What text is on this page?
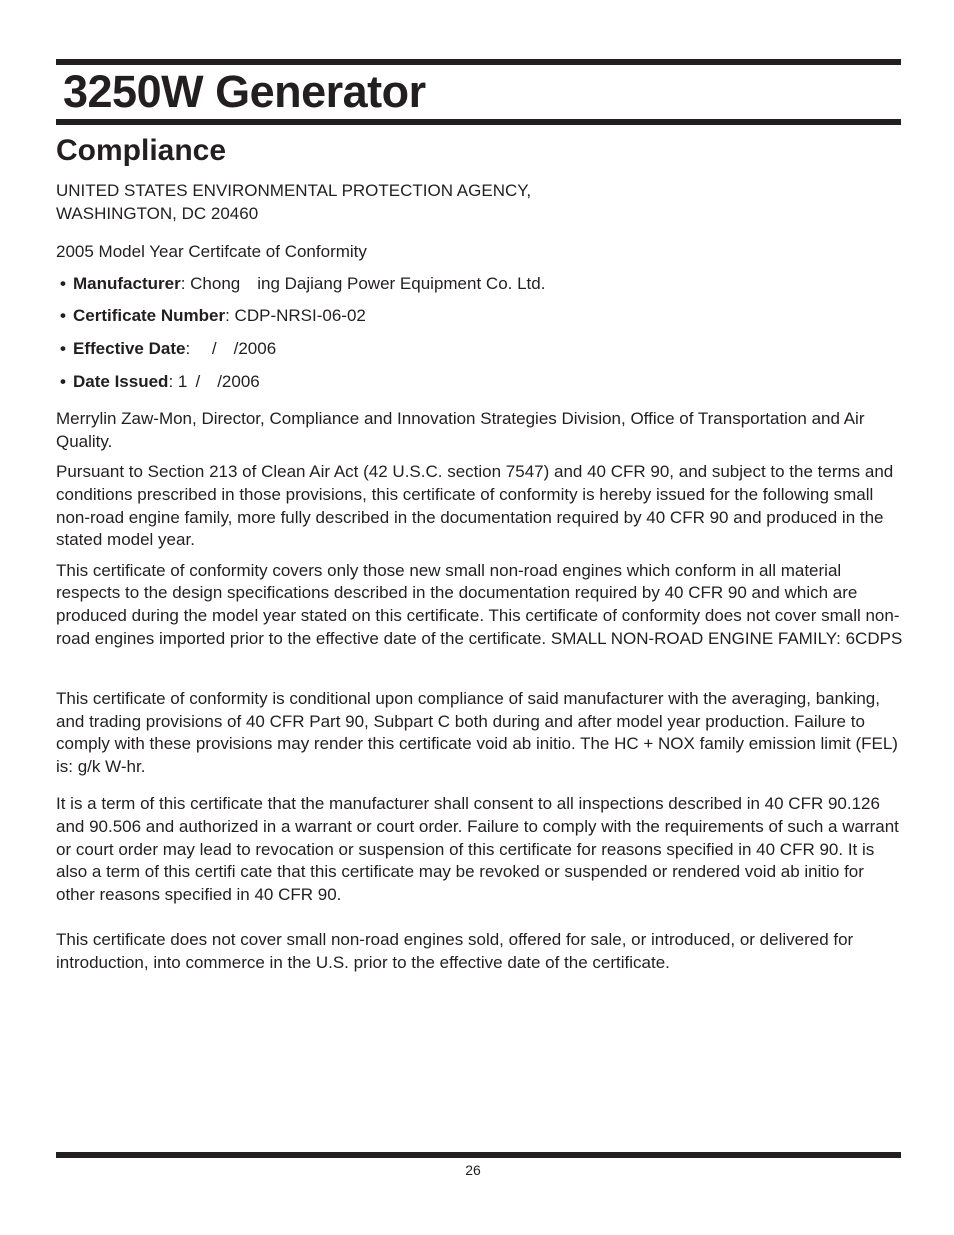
3250W Generator
Compliance

UNITED STATES ENVIRONMENTAL PROTECTION AGENCY,
WASHINGTON, DC 20460

2005 Model Year Certifcate of Conformity

• Manufacturer: Chong ing Dajiang Power Equipment Co. Ltd.
• Certificate Number: CDP-NRSI-06-02
• Effective Date:  / /2006
• Date Issued: 1  / /2006

Merrylin Zaw-Mon, Director, Compliance and Innovation Strategies Division, Office of Transportation and Air Quality.

Pursuant to Section 213 of Clean Air Act (42 U.S.C. section 7547) and 40 CFR 90, and subject to the terms and conditions prescribed in those provisions, this certificate of conformity is hereby issued for the following small non-road engine family, more fully described in the documentation required by 40 CFR 90 and produced in the stated model year.

This certificate of conformity covers only those new small non-road engines which conform in all material respects to the design specifications described in the documentation required by 40 CFR 90 and which are produced during the model year stated on this certificate. This certificate of conformity does not cover small non-road engines imported prior to the effective date of the certificate. SMALL NON-ROAD ENGINE FAMILY: 6CDPS

This certificate of conformity is conditional upon compliance of said manufacturer with the averaging, banking, and trading provisions of 40 CFR Part 90, Subpart C both during and after model year production. Failure to comply with these provisions may render this certificate void ab initio. The HC + NOX family emission limit (FEL) is: g/k W-hr.

It is a term of this certificate that the manufacturer shall consent to all inspections described in 40 CFR 90.126 and 90.506 and authorized in a warrant or court order. Failure to comply with the requirements of such a warrant or court order may lead to revocation or suspension of this certificate for reasons specified in 40 CFR 90. It is also a term of this certifi cate that this certificate may be revoked or suspended or rendered void ab initio for other reasons specified in 40 CFR 90.

This certificate does not cover small non-road engines sold, offered for sale, or introduced, or delivered for introduction, into commerce in the U.S. prior to the effective date of the certificate.

26
